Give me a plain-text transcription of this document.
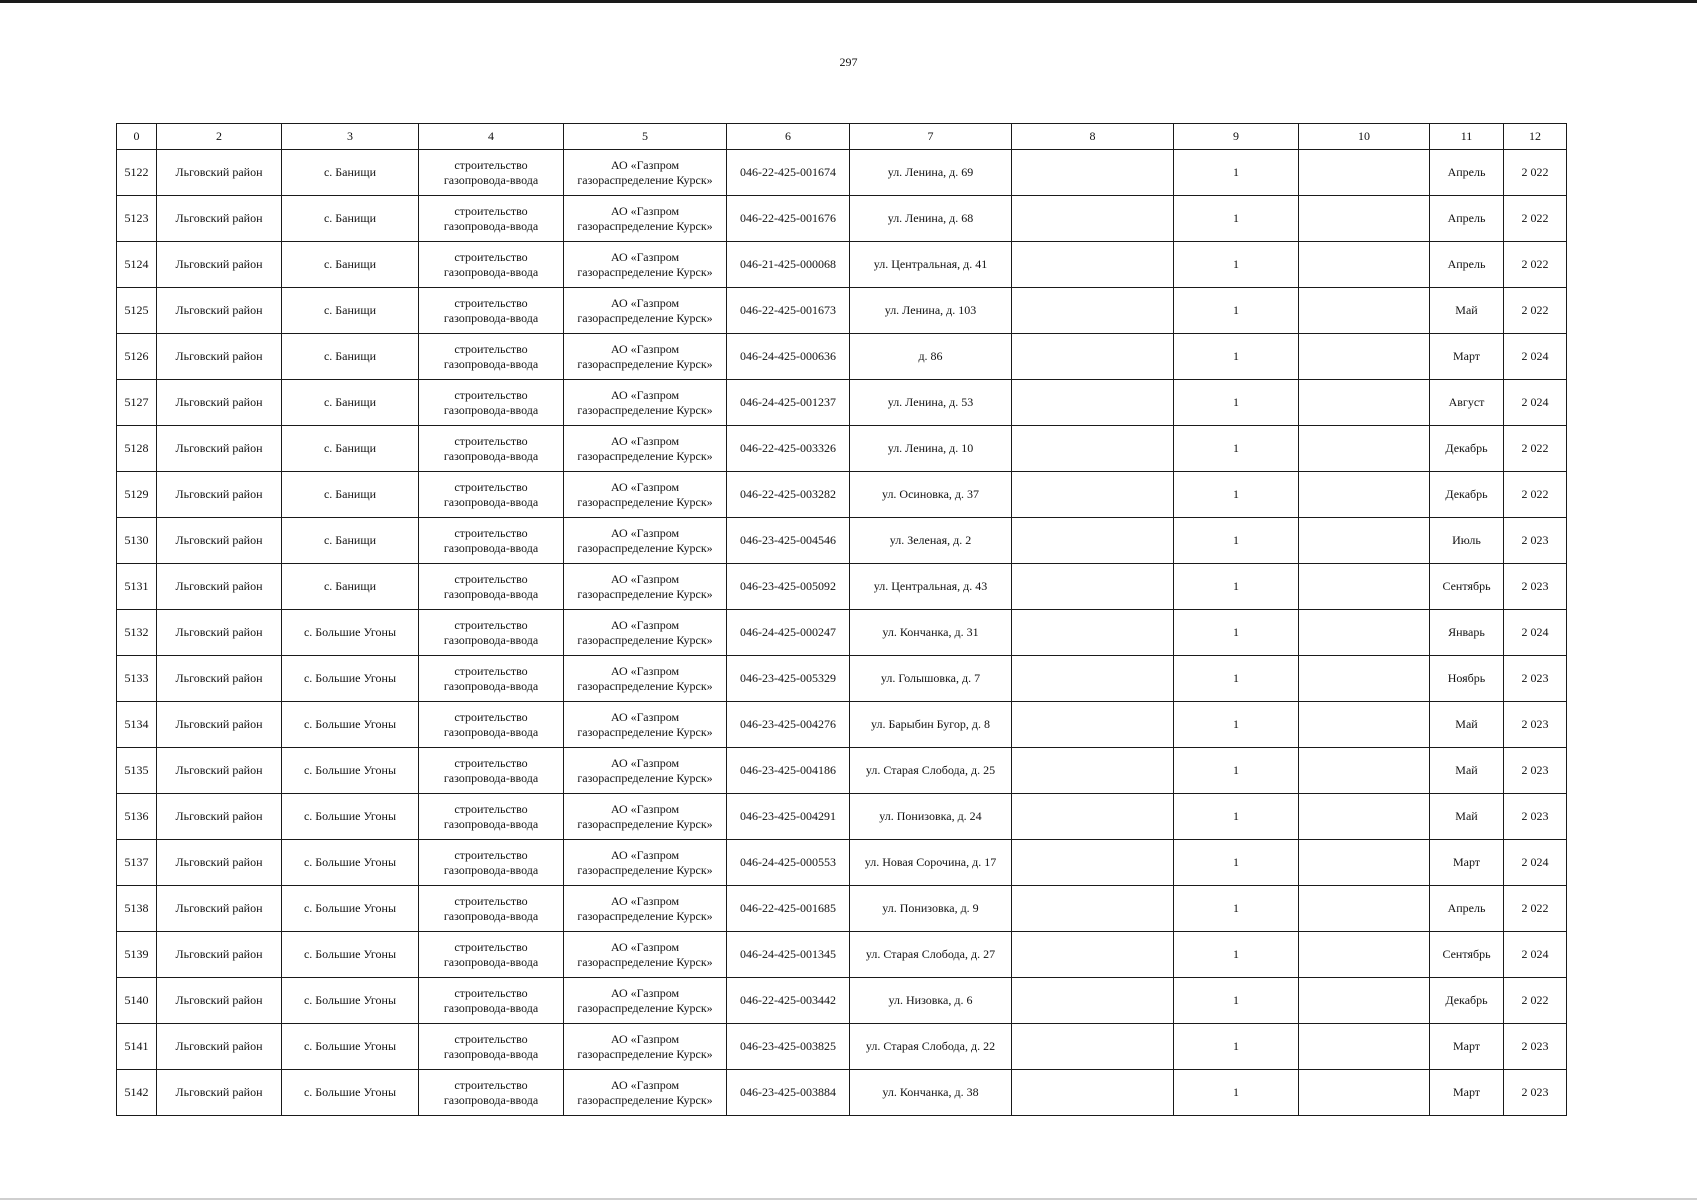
297
0	2	3	4	5	6	7	8	9	10	11	12
5122	Льговский район	с. Банищи	строительство газопровода-ввода	АО «Газпром газораспределение Курск»	046-22-425-001674	ул. Ленина, д. 69		1		Апрель	2 022
5123	Льговский район	с. Банищи	строительство газопровода-ввода	АО «Газпром газораспределение Курск»	046-22-425-001676	ул. Ленина, д. 68		1		Апрель	2 022
5124	Льговский район	с. Банищи	строительство газопровода-ввода	АО «Газпром газораспределение Курск»	046-21-425-000068	ул. Центральная, д. 41		1		Апрель	2 022
5125	Льговский район	с. Банищи	строительство газопровода-ввода	АО «Газпром газораспределение Курск»	046-22-425-001673	ул. Ленина, д. 103		1		Май	2 022
5126	Льговский район	с. Банищи	строительство газопровода-ввода	АО «Газпром газораспределение Курск»	046-24-425-000636	д. 86		1		Март	2 024
5127	Льговский район	с. Банищи	строительство газопровода-ввода	АО «Газпром газораспределение Курск»	046-24-425-001237	ул. Ленина, д. 53		1		Август	2 024
5128	Льговский район	с. Банищи	строительство газопровода-ввода	АО «Газпром газораспределение Курск»	046-22-425-003326	ул. Ленина, д. 10		1		Декабрь	2 022
5129	Льговский район	с. Банищи	строительство газопровода-ввода	АО «Газпром газораспределение Курск»	046-22-425-003282	ул. Осиновка, д. 37		1		Декабрь	2 022
5130	Льговский район	с. Банищи	строительство газопровода-ввода	АО «Газпром газораспределение Курск»	046-23-425-004546	ул. Зеленая, д. 2		1		Июль	2 023
5131	Льговский район	с. Банищи	строительство газопровода-ввода	АО «Газпром газораспределение Курск»	046-23-425-005092	ул. Центральная, д. 43		1		Сентябрь	2 023
5132	Льговский район	с. Большие Угоны	строительство газопровода-ввода	АО «Газпром газораспределение Курск»	046-24-425-000247	ул. Кончанка, д. 31		1		Январь	2 024
5133	Льговский район	с. Большие Угоны	строительство газопровода-ввода	АО «Газпром газораспределение Курск»	046-23-425-005329	ул. Голышовка, д. 7		1		Ноябрь	2 023
5134	Льговский район	с. Большие Угоны	строительство газопровода-ввода	АО «Газпром газораспределение Курск»	046-23-425-004276	ул. Барыбин Бугор, д. 8		1		Май	2 023
5135	Льговский район	с. Большие Угоны	строительство газопровода-ввода	АО «Газпром газораспределение Курск»	046-23-425-004186	ул. Старая Слобода, д. 25		1		Май	2 023
5136	Льговский район	с. Большие Угоны	строительство газопровода-ввода	АО «Газпром газораспределение Курск»	046-23-425-004291	ул. Понизовка, д. 24		1		Май	2 023
5137	Льговский район	с. Большие Угоны	строительство газопровода-ввода	АО «Газпром газораспределение Курск»	046-24-425-000553	ул. Новая Сорочина, д. 17		1		Март	2 024
5138	Льговский район	с. Большие Угоны	строительство газопровода-ввода	АО «Газпром газораспределение Курск»	046-22-425-001685	ул. Понизовка, д. 9		1		Апрель	2 022
5139	Льговский район	с. Большие Угоны	строительство газопровода-ввода	АО «Газпром газораспределение Курск»	046-24-425-001345	ул. Старая Слобода, д. 27		1		Сентябрь	2 024
5140	Льговский район	с. Большие Угоны	строительство газопровода-ввода	АО «Газпром газораспределение Курск»	046-22-425-003442	ул. Низовка, д. 6		1		Декабрь	2 022
5141	Льговский район	с. Большие Угоны	строительство газопровода-ввода	АО «Газпром газораспределение Курск»	046-23-425-003825	ул. Старая Слобода, д. 22		1		Март	2 023
5142	Льговский район	с. Большие Угоны	строительство газопровода-ввода	АО «Газпром газораспределение Курск»	046-23-425-003884	ул. Кончанка, д. 38		1		Март	2 023
